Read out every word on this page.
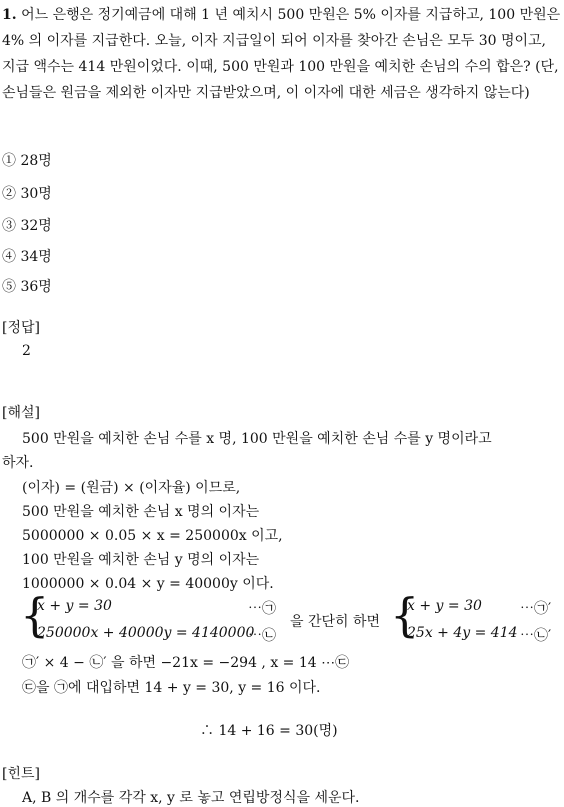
1. 어느 은행은 정기예금에 대해 1 년 예치시 500 만원은 5% 이자를 지급하고, 100 만원은 4% 의 이자를 지급한다. 오늘, 이자 지급일이 되어 이자를 찾아간 손님은 모두 30 명이고, 지급 액수는 414 만원이었다. 이때, 500 만원과 100 만원을 예치한 손님의 수의 합은? (단, 손님들은 원금을 제외한 이자만 지급받았으며, 이 이자에 대한 세금은 생각하지 않는다)
① 28명
② 30명
③ 32명
④ 34명
⑤ 36명
[정답]
2
[해설]
500 만원을 예치한 손님 수를 x 명, 100 만원을 예치한 손님 수를 y 명이라고
하자.
(이자) = (원금) × (이자율) 이므로,
500 만원을 예치한 손님 x 명의 이자는
5000000 × 0.05 × x = 250000x 이고,
100 만원을 예치한 손님 y 명의 이자는
1000000 × 0.04 × y = 40000y 이다.
{
x + y = 30	⋯㉠
250000x + 40000y = 4140000
⋯㉡
을 간단히 하면 {
x + y = 30	⋯㉠′
25x + 4y = 414 ⋯㉡′
㉠′ × 4 − ㉡′ 을 하면 −21x = −294 , x = 14 ⋯㉢
㉢을 ㉠에 대입하면 14 + y = 30, y = 16 이다.
∴ 14 + 16 = 30(명)
[힌트]
A, B 의 개수를 각각 x, y 로 놓고 연립방정식을 세운다.
